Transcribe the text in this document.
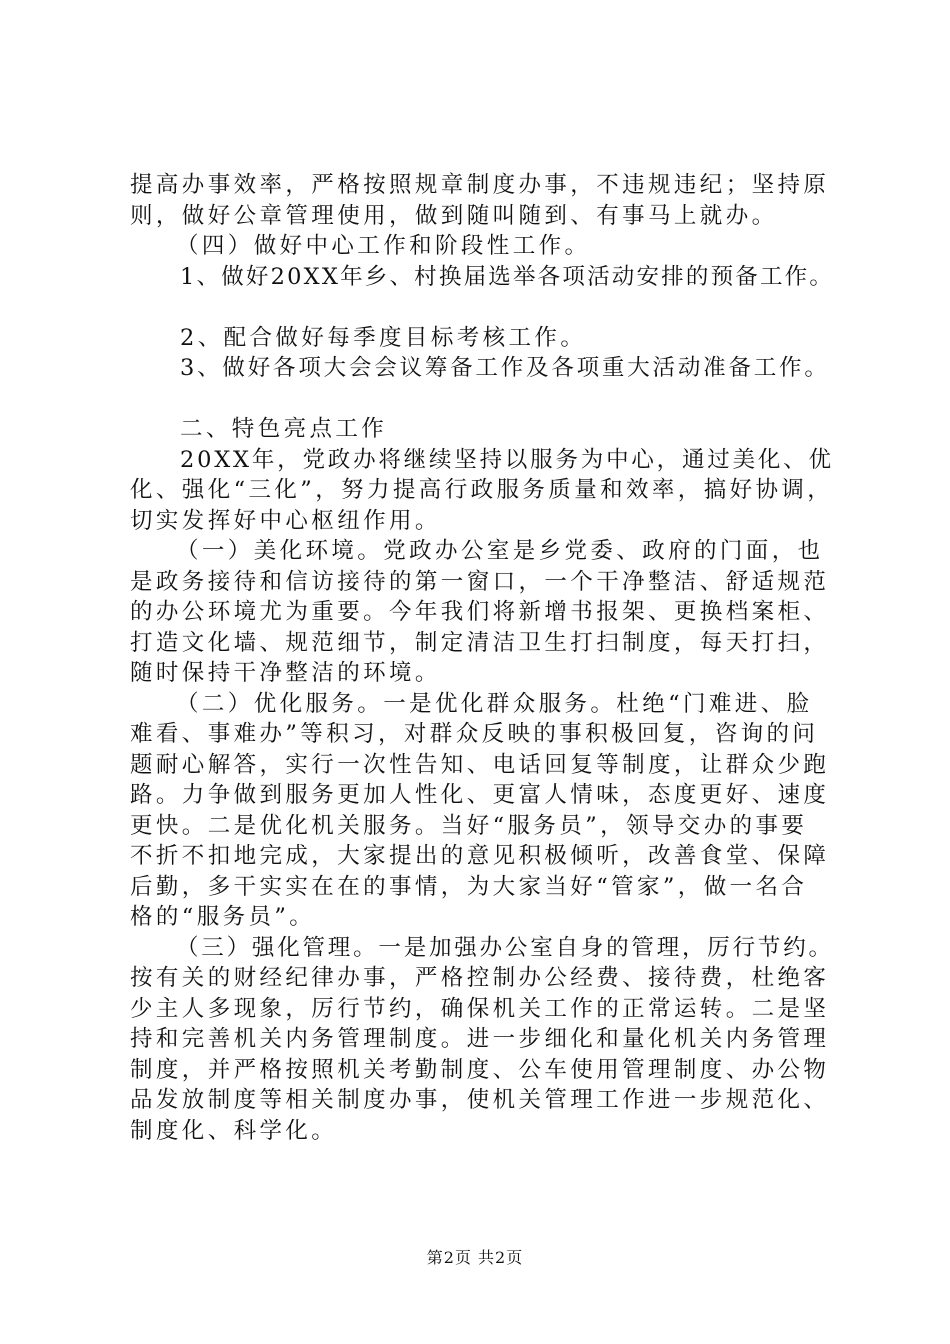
提高办事效率，严格按照规章制度办事，不违规违纪；坚持原
则，做好公章管理使用，做到随叫随到、有事马上就办。
（四）做好中心工作和阶段性工作。
1、做好20XX年乡、村换届选举各项活动安排的预备工作。
2、配合做好每季度目标考核工作。
3、做好各项大会会议筹备工作及各项重大活动准备工作。
二、特色亮点工作
20XX年，党政办将继续坚持以服务为中心，通过美化、优
化、强化“三化”，努力提高行政服务质量和效率，搞好协调，
切实发挥好中心枢纽作用。
（一）美化环境。党政办公室是乡党委、政府的门面，也
是政务接待和信访接待的第一窗口，一个干净整洁、舒适规范
的办公环境尤为重要。今年我们将新增书报架、更换档案柜、
打造文化墙、规范细节，制定清洁卫生打扫制度，每天打扫，
随时保持干净整洁的环境。
（二）优化服务。一是优化群众服务。杜绝“门难进、脸
难看、事难办”等积习，对群众反映的事积极回复，咨询的问
题耐心解答，实行一次性告知、电话回复等制度，让群众少跑
路。力争做到服务更加人性化、更富人情味，态度更好、速度
更快。二是优化机关服务。当好“服务员”，领导交办的事要
不折不扣地完成，大家提出的意见积极倾听，改善食堂、保障
后勤，多干实实在在的事情，为大家当好“管家”，做一名合
格的“服务员”。
（三）强化管理。一是加强办公室自身的管理，厉行节约。
按有关的财经纪律办事，严格控制办公经费、接待费，杜绝客
少主人多现象，厉行节约，确保机关工作的正常运转。二是坚
持和完善机关内务管理制度。进一步细化和量化机关内务管理
制度，并严格按照机关考勤制度、公车使用管理制度、办公物
品发放制度等相关制度办事，使机关管理工作进一步规范化、
制度化、科学化。
第2页 共2页
